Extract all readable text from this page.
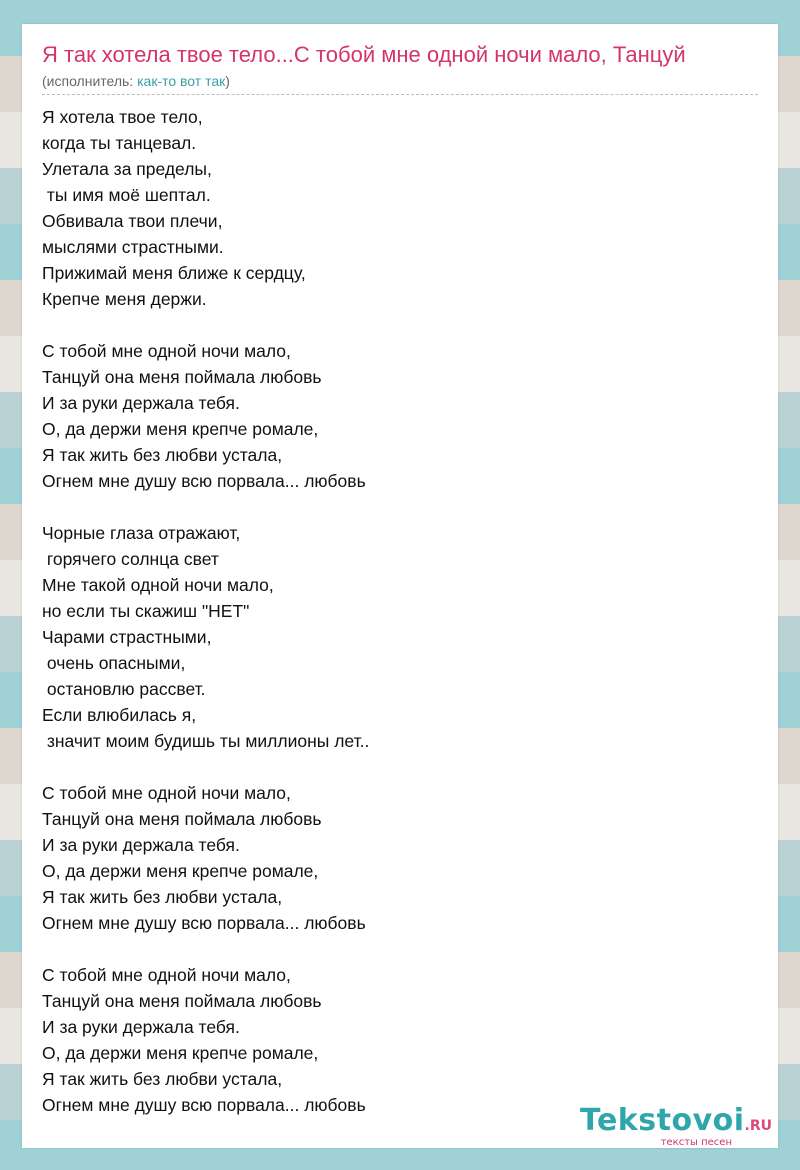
Я так хотела твое тело...С тобой мне одной ночи мало, Танцуй
(исполнитель: как-то вот так)
Я хотела твое тело,
когда ты танцевал.
Улетала за пределы,
ты имя моё шептал.
Обвивала твои плечи,
мыслями страстными.
Прижимай меня ближе к сердцу,
Крепче меня держи.
С тобой мне одной ночи мало,
Танцуй она меня поймала любовь
И за руки держала тебя.
О, да держи меня крепче ромале,
Я так жить без любви устала,
Огнем мне душу всю порвала... любовь
Чорные глаза отражают,
горячего солнца свет
Мне такой одной ночи мало,
но если ты скажиш "НЕТ"
Чарами страстными,
очень опасными,
остановлю рассвет.
Если влюбилась я,
значит моим будишь ты миллионы лет..
С тобой мне одной ночи мало,
Танцуй она меня поймала любовь
И за руки держала тебя.
О, да держи меня крепче ромале,
Я так жить без любви устала,
Огнем мне душу всю порвала... любовь
С тобой мне одной ночи мало,
Танцуй она меня поймала любовь
И за руки держала тебя.
О, да держи меня крепче ромале,
Я так жить без любви устала,
Огнем мне душу всю порвала... любовь	Tekstovoi.RU
тексты песен
